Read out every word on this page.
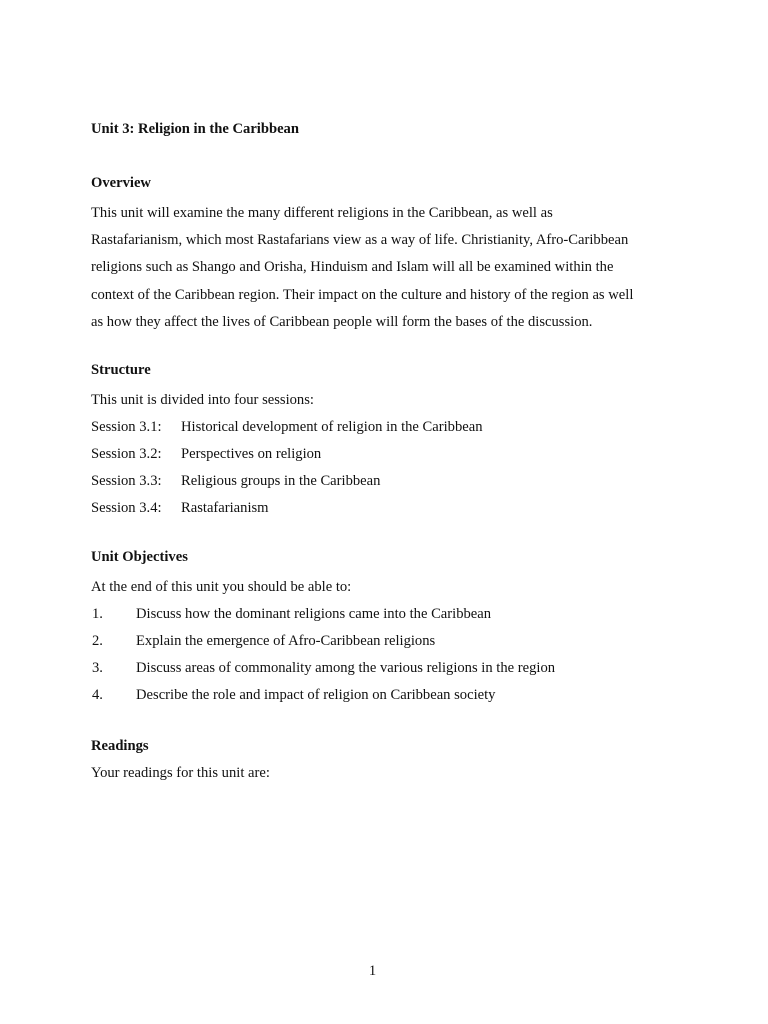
Unit 3: Religion in the Caribbean
Overview
This unit will examine the many different religions in the Caribbean, as well as
Rastafarianism, which most Rastafarians view as a way of life. Christianity, Afro-Caribbean
religions such as Shango and Orisha, Hinduism and Islam will all be examined within the
context of the Caribbean region. Their impact on the culture and history of the region as well
as how they affect the lives of Caribbean people will form the bases of the discussion.
Structure
This unit is divided into four sessions:
Session 3.1:	Historical development of religion in the Caribbean
Session 3.2:	Perspectives on religion
Session 3.3:	Religious groups in the Caribbean
Session 3.4:	Rastafarianism
Unit Objectives
At the end of this unit you should be able to:
1.	Discuss how the dominant religions came into the Caribbean
2.	Explain the emergence of Afro-Caribbean religions
3.	Discuss areas of commonality among the various religions in the region
4.	Describe the role and impact of religion on Caribbean society
Readings
Your readings for this unit are:
1
